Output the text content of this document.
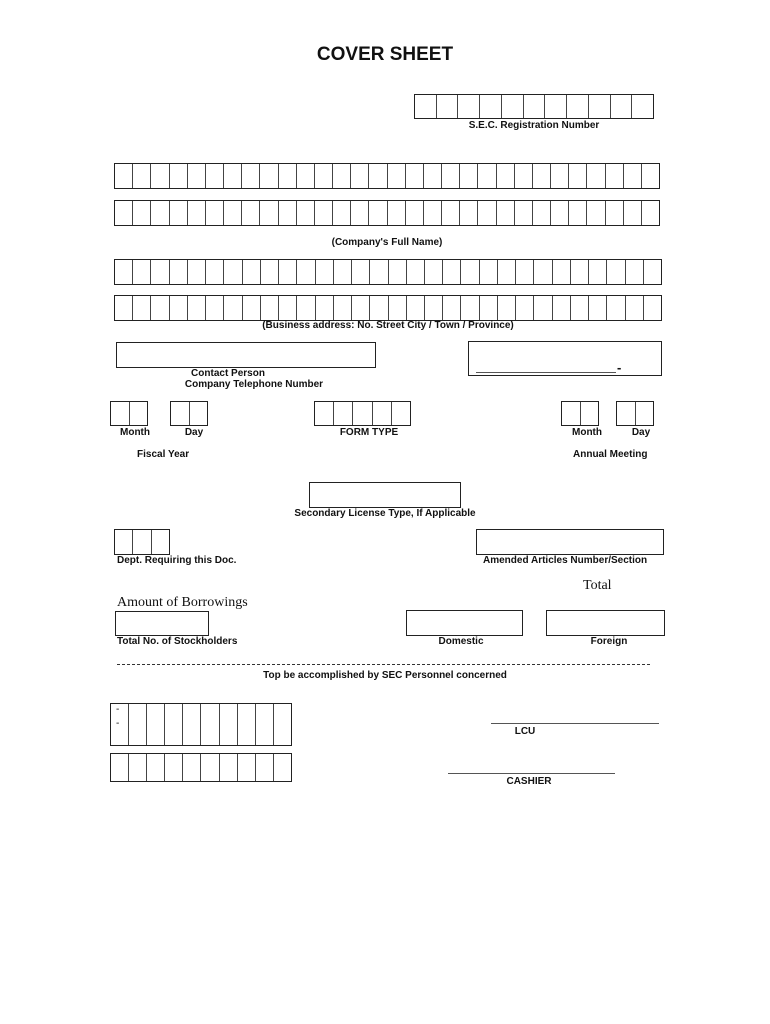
COVER SHEET
S.E.C. Registration Number
(Company's Full Name)
(Business address: No. Street City / Town / Province)
Contact Person
Company Telephone Number
-
Month	Day
Fiscal Year
FORM TYPE	Month	Day
Annual Meeting
Secondary License Type, If Applicable
Dept. Requiring this Doc.	Amended Articles Number/Section
Total
Amount of Borrowings
Total No. of Stockholders	Domestic	Foreign
Top be accomplished by SEC Personnel concerned
-
-
LCU
CASHIER
